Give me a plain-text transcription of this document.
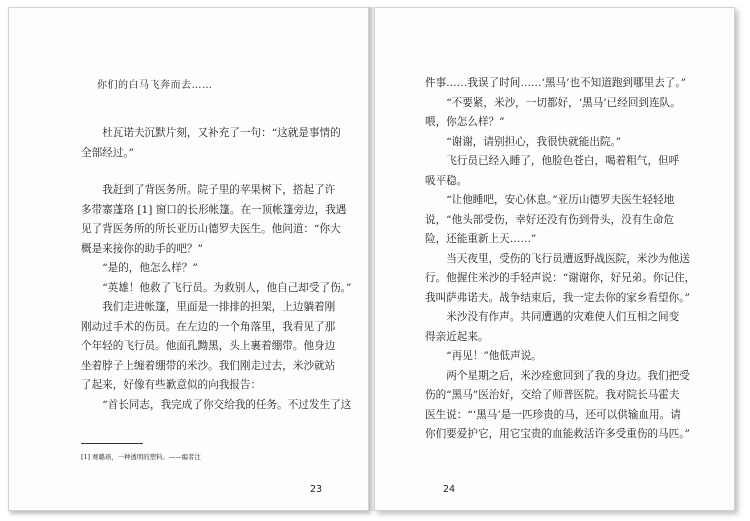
你们的白马飞奔而去……

杜瓦诺夫沉默片刻，又补充了一句：“这就是事情的
全部经过。”

我赶到了背医务所。院子里的苹果树下，搭起了许
多带寨蓬珞 [1] 窗口的长形帐篷。在一顶帐篷旁边，我遇
见了背医务所的所长亚历山德罗夫医生。他问道：“你大
概是来接你的助手的吧？”

“是的，他怎么样？”

“英雄！他救了飞行员。为救别人，他自己却受了伤。”

我们走进帐篷，里面是一排排的担架，上边躺着刚
刚动过手术的伤员。在左边的一个角落里，我看见了那
个年轻的飞行员。他面孔黝黑，头上裹着绷带。他身边
坐着脖子上缠着绷带的米沙。我们刚走过去，米沙就站
了起来，好像有些歉意似的向我报告：

“首长同志，我完成了你交给我的任务。不过发生了这

[1] 赛璐珞，一种透明的塑料。——编者注
23

件事……我误了时间……‘黑马’也不知道跑到哪里去了。”

“不要紧，米沙，一切都好，‘黑马’已经回到连队。
喂，你怎么样？”

“谢谢，请别担心，我很快就能出院。”

飞行员已经入睡了，他脸色苍白，喝着粗气，但呼
吸平稳。

“让他睡吧，安心休息。”亚历山德罗夫医生轻轻地
说，“他头部受伤，幸好还没有伤到骨头，没有生命危
险，还能重新上天……”

当天夜里，受伤的飞行员遭返野战医院，米沙为他送
行。他握住米沙的手轻声说：“谢谢你，好兄弟。你记住，
我叫萨弗诺夫。战争结束后，我一定去你的家乡看望你。”

米沙没有作声。共同遭遇的灾难使人们互相之间变
得亲近起来。

“再见！”他低声说。

两个星期之后，米沙痊愈回到了我的身边。我们把受
伤的“黑马”医治好，交给了师普医院。我对院长马霍夫
医生说：“‘黑马’是一匹珍贵的马，还可以供输血用。请
你们要爱护它，用它宝贵的血能救活许多受重伤的马匹。”

24
